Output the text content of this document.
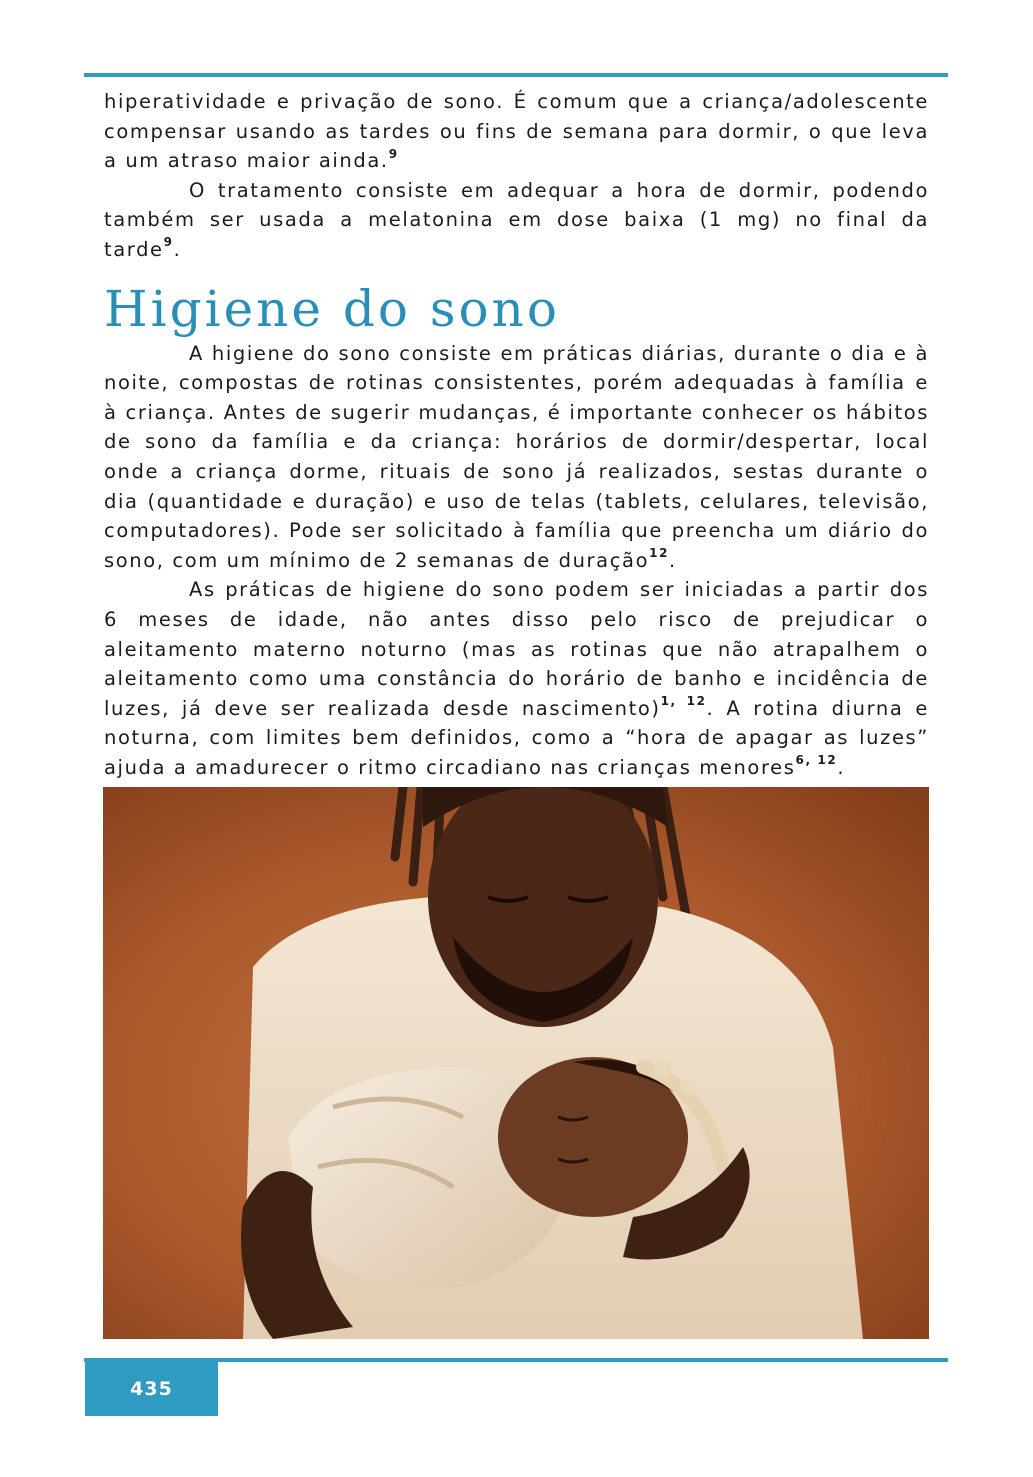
hiperatividade e privação de sono. É comum que a criança/adolescente compensar usando as tardes ou fins de semana para dormir, o que leva a um atraso maior ainda.$^9$

O tratamento consiste em adequar a hora de dormir, podendo também ser usada a melatonina em dose baixa (1 mg) no final da tarde$^9$.

Higiene do sono

A higiene do sono consiste em práticas diárias, durante o dia e à noite, compostas de rotinas consistentes, porém adequadas à família e à criança. Antes de sugerir mudanças, é importante conhecer os hábitos de sono da família e da criança: horários de dormir/despertar, local onde a criança dorme, rituais de sono já realizados, sestas durante o dia (quantidade e duração) e uso de telas (tablets, celulares, televisão, computadores). Pode ser solicitado à família que preencha um diário do sono, com um mínimo de 2 semanas de duração$^{12}$.

As práticas de higiene do sono podem ser iniciadas a partir dos 6 meses de idade, não antes disso pelo risco de prejudicar o aleitamento materno noturno (mas as rotinas que não atrapalhem o aleitamento como uma constância do horário de banho e incidência de luzes, já deve ser realizada desde nascimento)$^{1, 12}$. A rotina diurna e noturna, com limites bem definidos, como a “hora de apagar as luzes” ajuda a amadurecer o ritmo circadiano nas crianças menores$^{6, 12}$.

435
